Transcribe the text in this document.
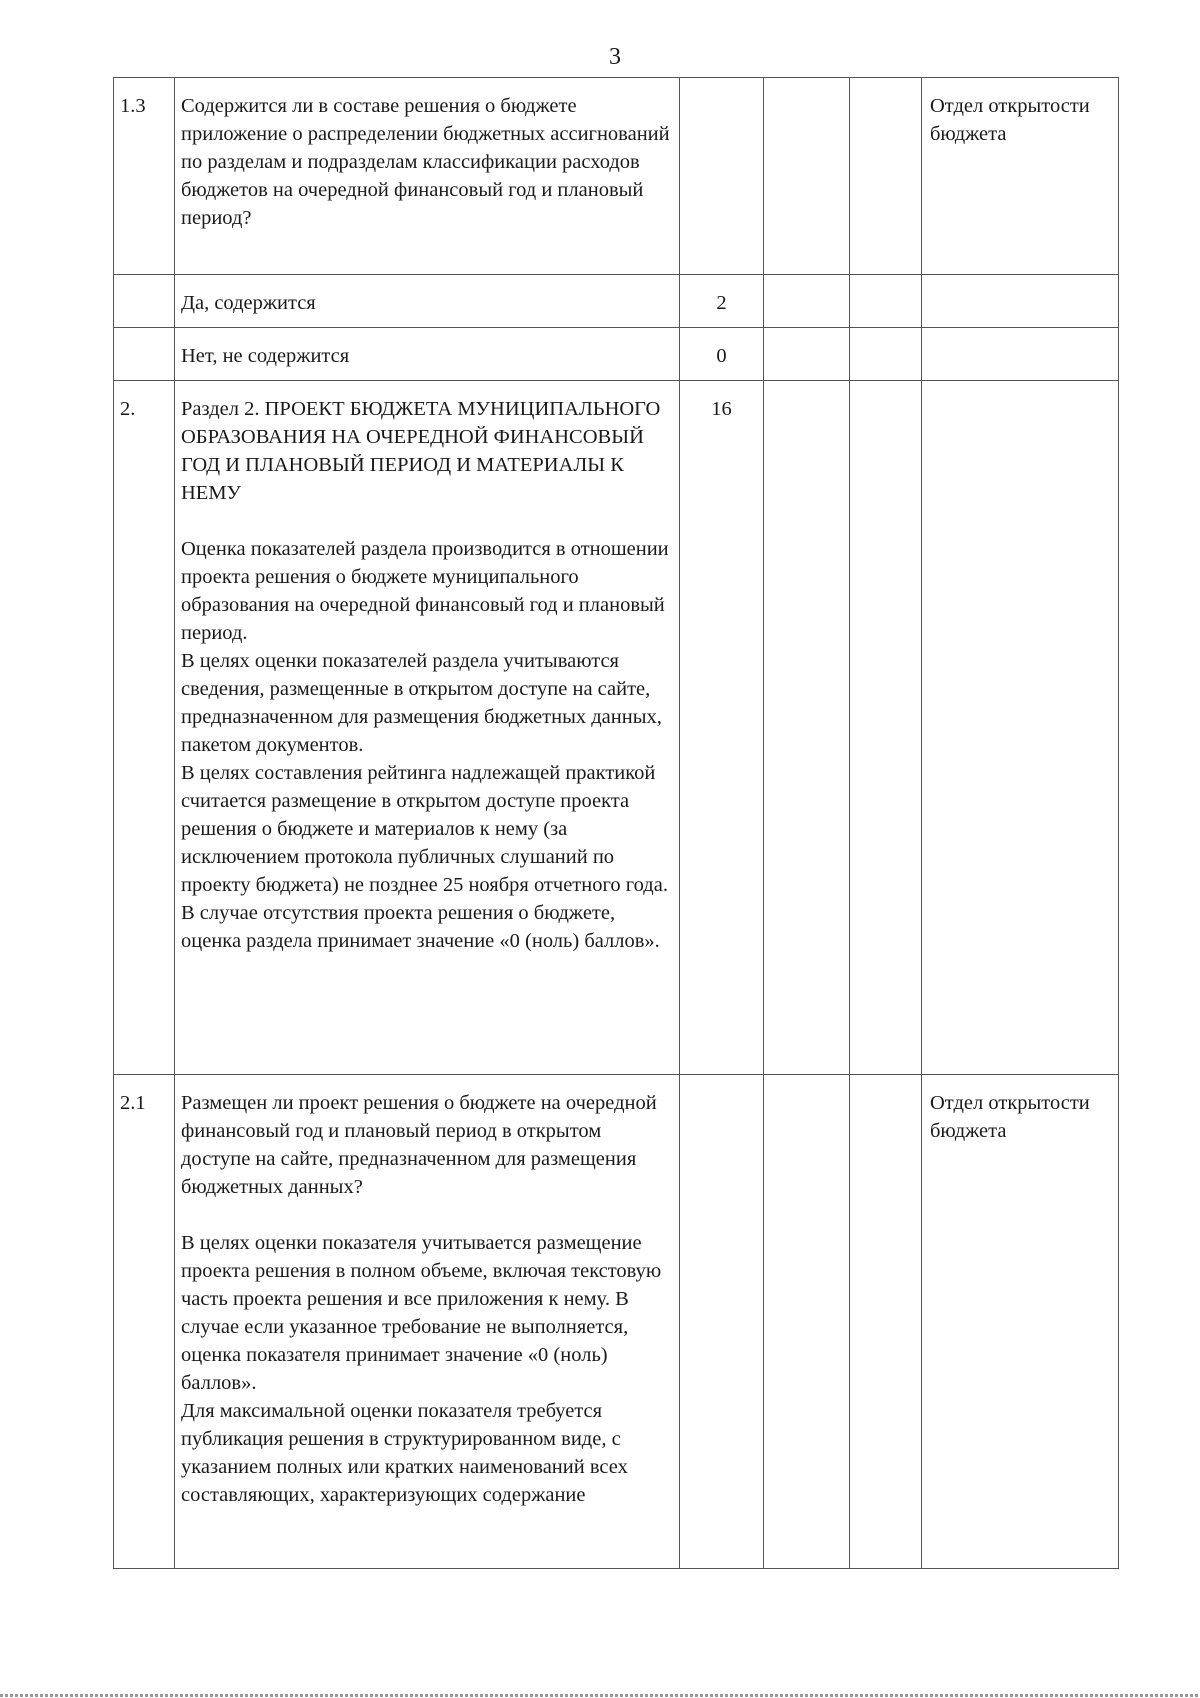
3
1.3	Содержится ли в составе решения о бюджете приложение о распределении бюджетных ассигнований по разделам и подразделам классификации расходов бюджетов на очередной финансовый год и плановый период?				Отдел открытости бюджета
	Да, содержится	2			
	Нет, не содержится	0			
2.	Раздел 2. ПРОЕКТ БЮДЖЕТА МУНИЦИПАЛЬНОГО ОБРАЗОВАНИЯ НА ОЧЕРЕДНОЙ ФИНАНСОВЫЙ ГОД И ПЛАНОВЫЙ ПЕРИОД И МАТЕРИАЛЫ К НЕМУ
Оценка показателей раздела производится в отношении проекта решения о бюджете муниципального образования на очередной финансовый год и плановый период.
В целях оценки показателей раздела учитываются сведения, размещенные в открытом доступе на сайте, предназначенном для размещения бюджетных данных, пакетом документов.
В целях составления рейтинга надлежащей практикой считается размещение в открытом доступе проекта решения о бюджете и материалов к нему (за исключением протокола публичных слушаний по проекту бюджета) не позднее 25 ноября отчетного года.
В случае отсутствия проекта решения о бюджете, оценка раздела принимает значение «0 (ноль) баллов».	16			
2.1	Размещен ли проект решения о бюджете на очередной финансовый год и плановый период в открытом доступе на сайте, предназначенном для размещения бюджетных данных?
В целях оценки показателя учитывается размещение проекта решения в полном объеме, включая текстовую часть проекта решения и все приложения к нему. В случае если указанное требование не выполняется, оценка показателя принимает значение «0 (ноль) баллов».
Для максимальной оценки показателя требуется публикация решения в структурированном виде, с указанием полных или кратких наименований всех составляющих, характеризующих содержание				Отдел открытости бюджета
